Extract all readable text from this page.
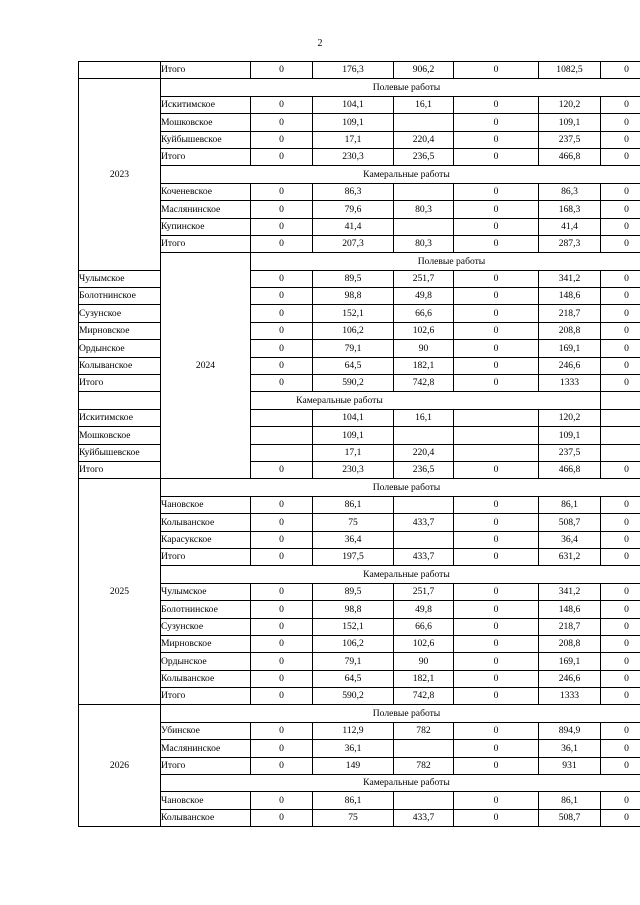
2
	Итого	0	176,3	906,2	0	1082,5	0
2023	Полевые работы						
	Искитимское	0	104,1	16,1	0	120,2	0
	Мошковское	0	109,1		0	109,1	0
	Куйбышевское	0	17,1	220,4	0	237,5	0
	Итого	0	230,3	236,5	0	466,8	0
	Камеральные работы						
	Коченевское	0	86,3		0	86,3	0
	Маслянинское	0	79,6	80,3	0	168,3	0
	Купинское	0	41,4		0	41,4	0
	Итого	0	207,3	80,3	0	287,3	0
	2024	Полевые работы					
Чулымское		0	89,5	251,7	0	341,2	0
Болотнинское		0	98,8	49,8	0	148,6	0
Сузунское		0	152,1	66,6	0	218,7	0
Мирновское		0	106,2	102,6	0	208,8	0
Ордынское		0	79,1	90	0	169,1	0
Колыванское		0	64,5	182,1	0	246,6	0
Итого		0	590,2	742,8	0	1333	0
Камеральные работы							
Искитимское			104,1	16,1		120,2	
Мошковское			109,1			109,1	
Куйбышевское			17,1	220,4		237,5	
Итого		0	230,3	236,5	0	466,8	0
2025	Полевые работы						
	Чановское	0	86,1		0	86,1	0
	Колыванское	0	75	433,7	0	508,7	0
	Карасукское	0	36,4		0	36,4	0
	Итого	0	197,5	433,7	0	631,2	0
	Камеральные работы						
	Чулымское	0	89,5	251,7	0	341,2	0
	Болотнинское	0	98,8	49,8	0	148,6	0
	Сузунское	0	152,1	66,6	0	218,7	0
	Мирновское	0	106,2	102,6	0	208,8	0
	Ордынское	0	79,1	90	0	169,1	0
	Колыванское	0	64,5	182,1	0	246,6	0
	Итого	0	590,2	742,8	0	1333	0
2026	Полевые работы						
	Убинское	0	112,9	782	0	894,9	0
	Маслянинское	0	36,1		0	36,1	0
	Итого	0	149	782	0	931	0
	Камеральные работы						
	Чановское	0	86,1		0	86,1	0
	Колыванское	0	75	433,7	0	508,7	0
